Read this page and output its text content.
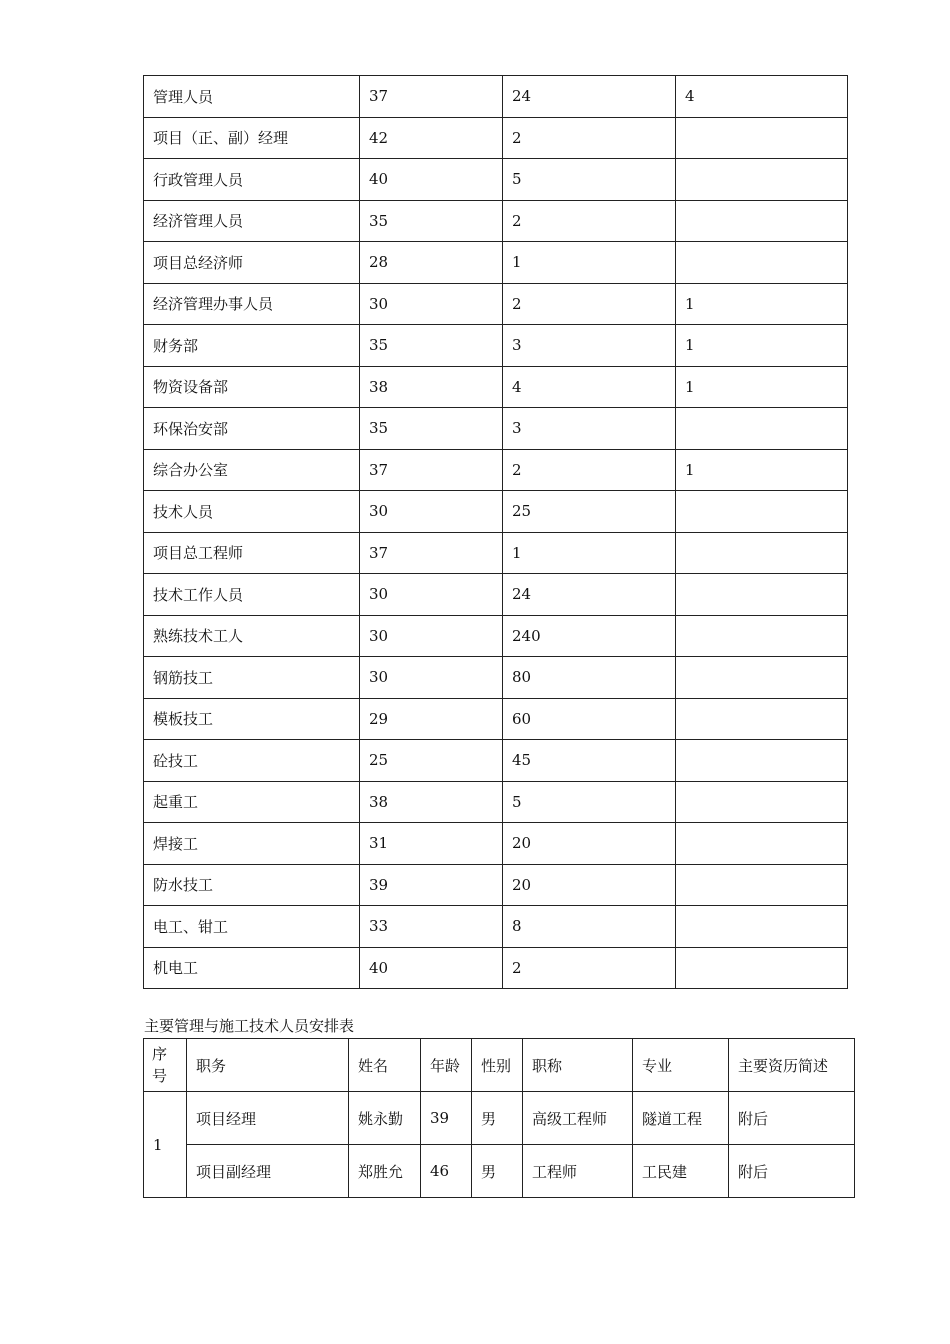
管理人员	37	24	4
项目（正、副）经理	42	2	
行政管理人员	40	5	
经济管理人员	35	2	
项目总经济师	28	1	
经济管理办事人员	30	2	1
财务部	35	3	1
物资设备部	38	4	1
环保治安部	35	3	
综合办公室	37	2	1
技术人员	30	25	
项目总工程师	37	1	
技术工作人员	30	24	
熟练技术工人	30	240	
钢筋技工	30	80	
模板技工	29	60	
砼技工	25	45	
起重工	38	5	
焊接工	31	20	
防水技工	39	20	
电工、钳工	33	8	
机电工	40	2	
主要管理与施工技术人员安排表
序
号	职务	姓名	年龄	性别	职称	专业	主要资历简述
1	项目经理	姚永勤	39	男	高级工程师	隧道工程	附后
	项目副经理	郑胜允	46	男	工程师	工民建	附后
